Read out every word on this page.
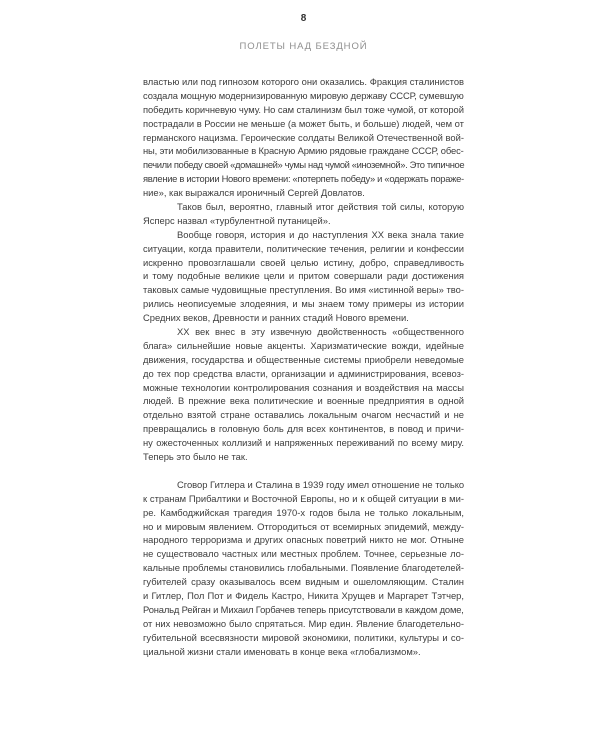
8
ПОЛЕТЫ НАД БЕЗДНОЙ
властью или под гипнозом которого они оказались. Фракция сталинистов
создала мощную модернизированную мировую державу СССР, сумевшую
победить коричневую чуму. Но сам сталинизм был тоже чумой, от которой
пострадали в России не меньше (а может быть, и больше) людей, чем от
германского нацизма. Героические солдаты Великой Отечественной вой-
ны, эти мобилизованные в Красную Армию рядовые граждане СССР, обес-
печили победу своей «домашней» чумы над чумой «иноземной». Это типичное
явление в истории Нового времени: «потерпеть победу» и «одержать пораже-
ние», как выражался ироничный Сергей Довлатов.
Таков был, вероятно, главный итог действия той силы, которую
Ясперс назвал «турбулентной путаницей».
Вообще говоря, история и до наступления XX века знала такие
ситуации, когда правители, политические течения, религии и конфессии
искренно провозглашали своей целью истину, добро, справедливость
и тому подобные великие цели и притом совершали ради достижения
таковых самые чудовищные преступления. Во имя «истинной веры» тво-
рились неописуемые злодеяния, и мы знаем тому примеры из истории
Средних веков, Древности и ранних стадий Нового времени.
ХХ век внес в эту извечную двойственность «общественного
блага» сильнейшие новые акценты. Харизматические вожди, идейные
движения, государства и общественные системы приобрели неведомые
до тех пор средства власти, организации и администрирования, всевоз-
можные технологии контролирования сознания и воздействия на массы
людей. В прежние века политические и военные предприятия в одной
отдельно взятой стране оставались локальным очагом несчастий и не
превращались в головную боль для всех континентов, в повод и причи-
ну ожесточенных коллизий и напряженных переживаний по всему миру.
Теперь это было не так.
Сговор Гитлера и Сталина в 1939 году имел отношение не только
к странам Прибалтики и Восточной Европы, но и к общей ситуации в ми-
ре. Камбоджийская трагедия 1970-х годов была не только локальным,
но и мировым явлением. Отгородиться от всемирных эпидемий, между-
народного терроризма и других опасных поветрий никто не мог. Отныне
не существовало частных или местных проблем. Точнее, серьезные ло-
кальные проблемы становились глобальными. Появление благодетелей-
губителей сразу оказывалось всем видным и ошеломляющим. Сталин
и Гитлер, Пол Пот и Фидель Кастро, Никита Хрущев и Маргарет Тэтчер,
Рональд Рейган и Михаил Горбачев теперь присутствовали в каждом доме,
от них невозможно было спрятаться. Мир един. Явление благодетельно-
губительной всесвязности мировой экономики, политики, культуры и со-
циальной жизни стали именовать в конце века «глобализмом».
